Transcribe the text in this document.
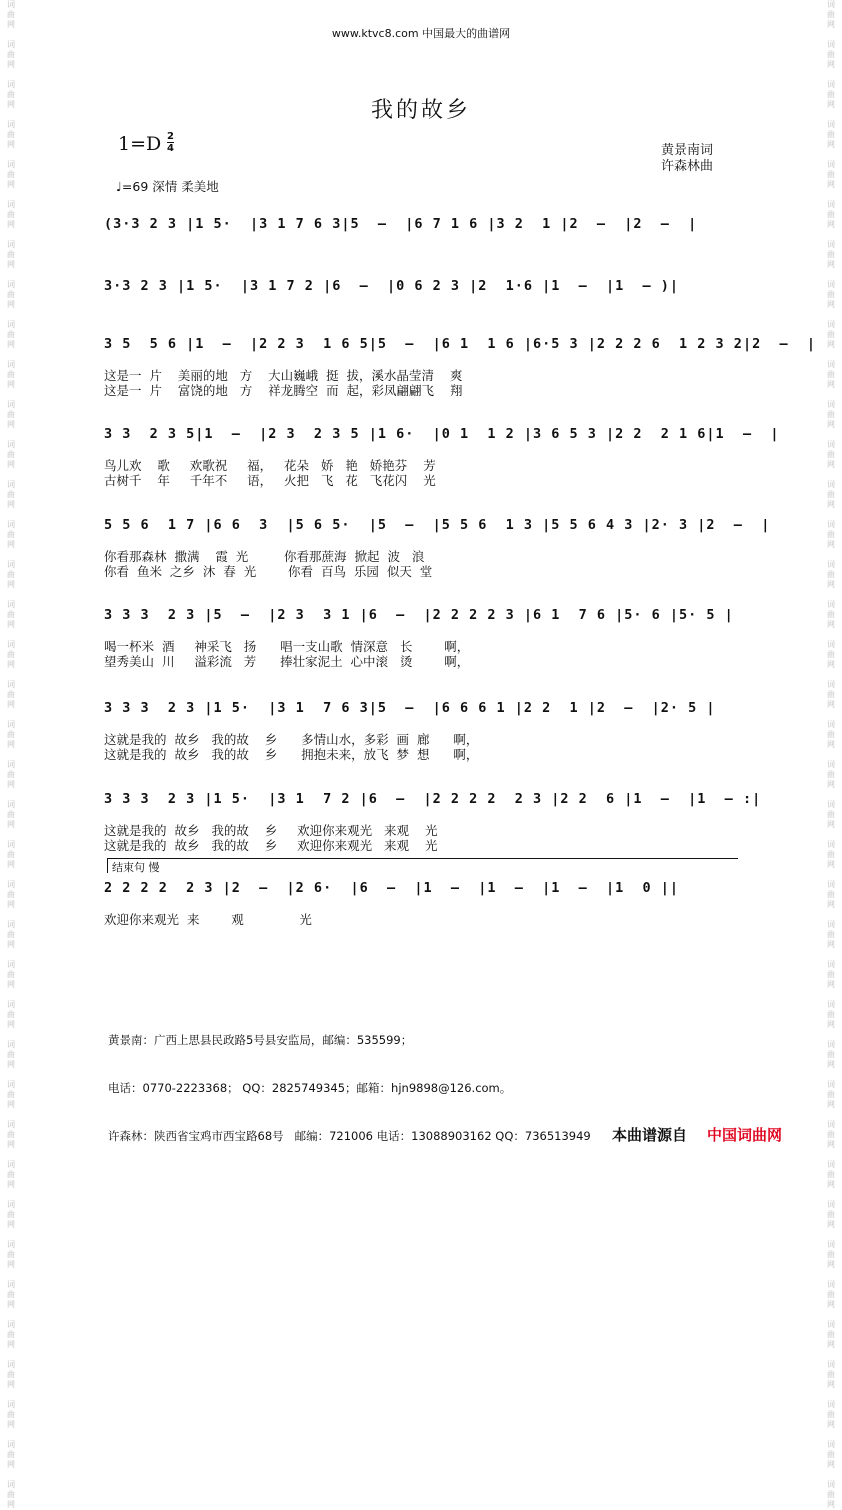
词
曲
网

词
曲
网

词
曲
网

词
曲
网

词
曲
网

词
曲
网

词
曲
网

词
曲
网

词
曲
网

词
曲
网

词
曲
网

词
曲
网

词
曲
网

词
曲
网

词
曲
网

词
曲
网

词
曲
网

词
曲
网

词
曲
网

词
曲
网

词
曲
网

词
曲
网

词
曲
网

词
曲
网

词
曲
网

词
曲
网

词
曲
网

词
曲
网

词
曲
网

词
曲
网

词
曲
网

词
曲
网

词
曲
网

词
曲
网

词
曲
网

词
曲
网

词
曲
网

词
曲
网

词
曲
网

词
曲
网

词
曲
网

词
曲
网

词
曲
网

词
曲
网

词
曲
网

词
曲
网

词
曲
网

词
曲
网

词
曲
网

词
曲
网

词
曲
网

词
曲
网

词
曲
网

词
曲
网

词
曲
网

词
曲
网

词
曲
网

词
曲
网

词
曲
网

词
曲
网

词
曲
网

词
曲
网

词
曲
网

词
曲
网

词
曲
网

词
曲
网

词
曲
网

词
曲
网

词
曲
网

词
曲
网

词
曲
网

词
曲
网

词
曲
网

词
曲
网

词
曲
网

词
曲
网

www.ktvc8.com 中国最大的曲谱网
我的故乡
1=D 2
4	黄景南词
许森林曲
♩=69 深情 柔美地
(3·3 2 3 |1 5·  |3 1 7 6 3|5  –  |6 7 1 6 |3 2  1 |2  –  |2  –  |
3·3 2 3 |1 5·  |3 1 7 2 |6  –  |0 6 2 3 |2  1·6 |1  –  |1  – )|
3 5  5 6 |1  –  |2 2 3  1 6 5|5  –  |6 1  1 6 |6·5 3 |2 2 2 6  1 2 3 2|2  –  |
这是一  片    美丽的地   方    大山巍峨  挺  拔，溪水晶莹清    爽
这是一  片    富饶的地   方    祥龙腾空  而  起，彩凤翩翩飞    翔
3 3  2 3 5|1  –  |2 3  2 3 5 |1 6·  |0 1  1 2 |3 6 5 3 |2 2  2 1 6|1  –  |
鸟儿欢    歌     欢歌祝     福，   花朵   娇   艳   娇艳芬    芳
古树千    年     千年不     语，   火把   飞   花   飞花闪    光
5 5 6  1 7 |6 6  3  |5 6 5·  |5  –  |5 5 6  1 3 |5 5 6 4 3 |2· 3 |2  –  |
你看那森林  撒满    霞  光         你看那蔗海  掀起  波   浪
你看  鱼米  之乡  沐  春  光        你看  百鸟  乐园  似天  堂
3 3 3  2 3 |5  –  |2 3  3 1 |6  –  |2 2 2 2 3 |6 1  7 6 |5· 6 |5· 5 |
喝一杯米  酒     神采飞   扬      唱一支山歌  情深意   长        啊，
望秀美山  川     溢彩流   芳      捧壮家泥土  心中滚   烫        啊，
3 3 3  2 3 |1 5·  |3 1  7 6 3|5  –  |6 6 6 1 |2 2  1 |2  –  |2· 5 |
这就是我的  故乡   我的故    乡      多情山水，多彩  画  廊      啊，
这就是我的  故乡   我的故    乡      拥抱未来，放飞  梦  想      啊，
3 3 3  2 3 |1 5·  |3 1  7 2 |6  –  |2 2 2 2  2 3 |2 2  6 |1  –  |1  – :|
这就是我的  故乡   我的故    乡     欢迎你来观光   来观    光
这就是我的  故乡   我的故    乡     欢迎你来观光   来观    光
2 2 2 2  2 3 |2  –  |2 6·  |6  –  |1  –  |1  –  |1  –  |1  0 ||
欢迎你来观光  来        观              光
结束句 慢

黄景南：广西上思县民政路5号县安监局，邮编：535599；

电话：0770-2223368； QQ：2825749345；邮箱：hjn9898@126.com。

许森林：陕西省宝鸡市西宝路68号   邮编：721006 电话：13088903162 QQ：736513949 本曲谱源自 中国词曲网
